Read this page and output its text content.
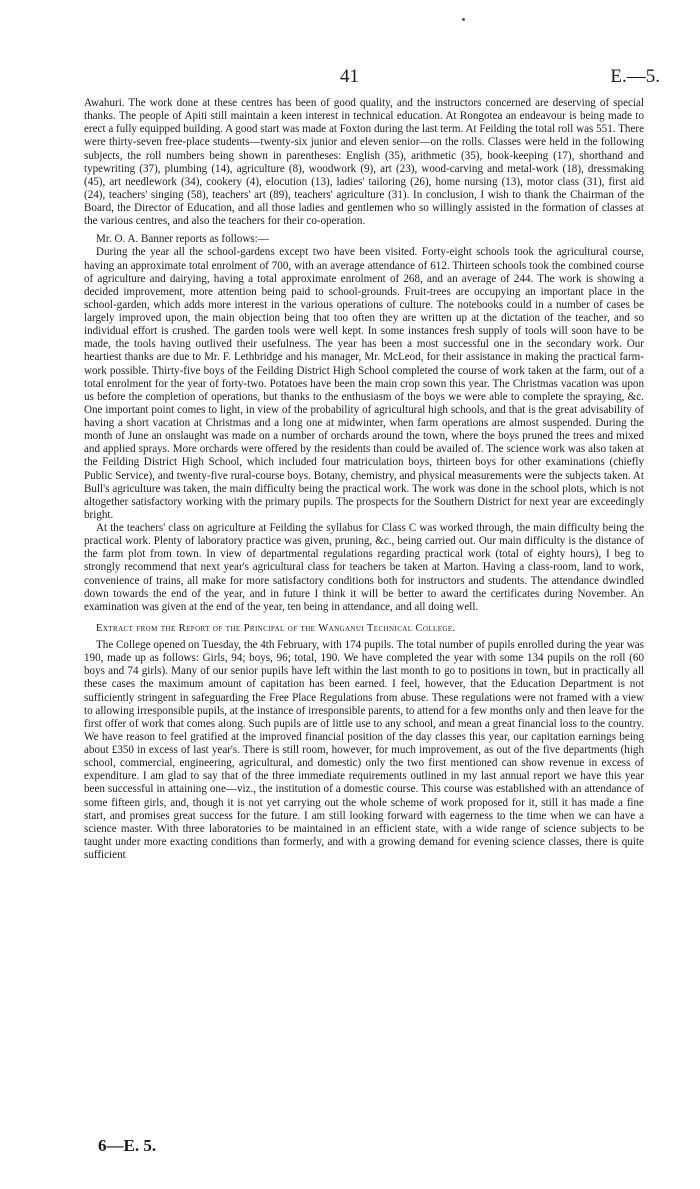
41	E.—5.

Awahuri. The work done at these centres has been of good quality, and the instructors concerned are deserving of special thanks. The people of Apiti still maintain a keen interest in technical education. At Rongotea an endeavour is being made to erect a fully equipped building. A good start was made at Foxton during the last term. At Feilding the total roll was 551. There were thirty-seven free-place students—twenty-six junior and eleven senior—on the rolls. Classes were held in the following subjects, the roll numbers being shown in parentheses: English (35), arithmetic (35), book-keeping (17), shorthand and typewriting (37), plumbing (14), agriculture (8), woodwork (9), art (23), wood-carving and metal-work (18), dressmaking (45), art needlework (34), cookery (4), elocution (13), ladies' tailoring (26), home nursing (13), motor class (31), first aid (24), teachers' singing (58), teachers' art (89), teachers' agriculture (31). In conclusion, I wish to thank the Chairman of the Board, the Director of Education, and all those ladies and gentlemen who so willingly assisted in the formation of classes at the various centres, and also the teachers for their co-operation.

Mr. O. A. Banner reports as follows:—

During the year all the school-gardens except two have been visited. Forty-eight schools took the agricultural course, having an approximate total enrolment of 700, with an average attendance of 612. Thirteen schools took the combined course of agriculture and dairying, having a total approximate enrolment of 268, and an average of 244. The work is showing a decided improvement, more attention being paid to school-grounds. Fruit-trees are occupying an important place in the school-garden, which adds more interest in the various operations of culture. The notebooks could in a number of cases be largely improved upon, the main objection being that too often they are written up at the dictation of the teacher, and so individual effort is crushed. The garden tools were well kept. In some instances fresh supply of tools will soon have to be made, the tools having outlived their usefulness. The year has been a most successful one in the secondary work. Our heartiest thanks are due to Mr. F. Lethbridge and his manager, Mr. McLeod, for their assistance in making the practical farm-work possible. Thirty-five boys of the Feilding District High School completed the course of work taken at the farm, out of a total enrolment for the year of forty-two. Potatoes have been the main crop sown this year. The Christmas vacation was upon us before the completion of operations, but thanks to the enthusiasm of the boys we were able to complete the spraying, &c. One important point comes to light, in view of the probability of agricultural high schools, and that is the great advisability of having a short vacation at Christmas and a long one at midwinter, when farm operations are almost suspended. During the month of June an onslaught was made on a number of orchards around the town, where the boys pruned the trees and mixed and applied sprays. More orchards were offered by the residents than could be availed of. The science work was also taken at the Feilding District High School, which included four matriculation boys, thirteen boys for other examinations (chiefly Public Service), and twenty-five rural-course boys. Botany, chemistry, and physical measurements were the subjects taken. At Bull's agriculture was taken, the main difficulty being the practical work. The work was done in the school plots, which is not altogether satisfactory working with the primary pupils. The prospects for the Southern District for next year are exceedingly bright.

At the teachers' class on agriculture at Feilding the syllabus for Class C was worked through, the main difficulty being the practical work. Plenty of laboratory practice was given, pruning, &c., being carried out. Our main difficulty is the distance of the farm plot from town. In view of departmental regulations regarding practical work (total of eighty hours), I beg to strongly recommend that next year's agricultural class for teachers be taken at Marton. Having a class-room, land to work, convenience of trains, all make for more satisfactory conditions both for instructors and students. The attendance dwindled down towards the end of the year, and in future I think it will be better to award the certificates during November. An examination was given at the end of the year, ten being in attendance, and all doing well.

Extract from the Report of the Principal of the Wanganui Technical College.

The College opened on Tuesday, the 4th February, with 174 pupils. The total number of pupils enrolled during the year was 190, made up as follows: Girls, 94; boys, 96; total, 190. We have completed the year with some 134 pupils on the roll (60 boys and 74 girls). Many of our senior pupils have left within the last month to go to positions in town, but in practically all these cases the maximum amount of capitation has been earned. I feel, however, that the Education Department is not sufficiently stringent in safeguarding the Free Place Regulations from abuse. These regulations were not framed with a view to allowing irresponsible pupils, at the instance of irresponsible parents, to attend for a few months only and then leave for the first offer of work that comes along. Such pupils are of little use to any school, and mean a great financial loss to the country. We have reason to feel gratified at the improved financial position of the day classes this year, our capitation earnings being about £350 in excess of last year's. There is still room, however, for much improvement, as out of the five departments (high school, commercial, engineering, agricultural, and domestic) only the two first mentioned can show revenue in excess of expenditure. I am glad to say that of the three immediate requirements outlined in my last annual report we have this year been successful in attaining one—viz., the institution of a domestic course. This course was established with an attendance of some fifteen girls, and, though it is not yet carrying out the whole scheme of work proposed for it, still it has made a fine start, and promises great success for the future. I am still looking forward with eagerness to the time when we can have a science master. With three laboratories to be maintained in an efficient state, with a wide range of science subjects to be taught under more exacting conditions than formerly, and with a growing demand for evening science classes, there is quite sufficient

6—E. 5.
